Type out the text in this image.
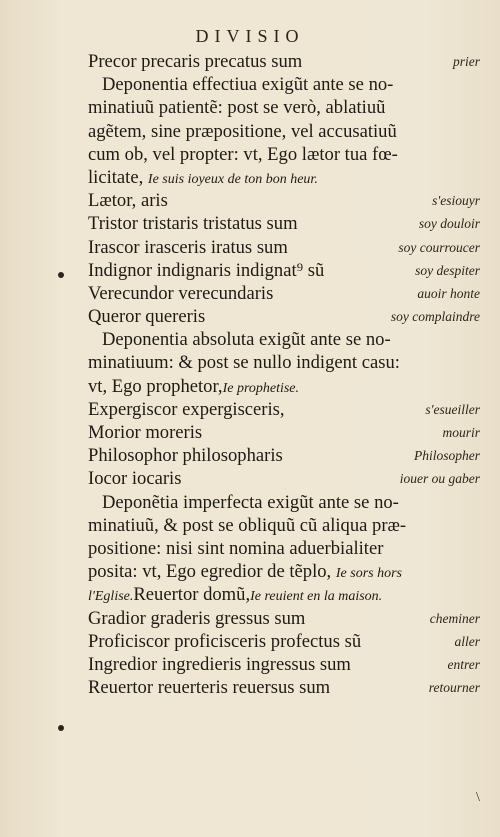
DIVISIO
Precor precaris precatus sum	prier
Deponentia effectiua exigũt ante se no-
minatiuũ patientẽ: post se verò, ablatiuũ
agẽtem, sine præpositione, vel accusatiuũ
cum ob, vel propter: vt, Ego lætor tua fœ-
licitate, Ie suis ioyeux de ton bon heur.
Lætor, aris	s'esiouyr
Tristor tristaris tristatus sum	soy douloir
Irascor irasceris iratus sum	soy courroucer
Indignor indignaris indignat⁹ sũ	soy despiter
Verecundor verecundaris	auoir honte
Queror quereris	soy complaindre
Deponentia absoluta exigũt ante se no-
minatiuum: & post se nullo indigent casu:
vt, Ego prophetor,Ie prophetise.
Expergiscor expergisceris,	s'esueiller
Morior moreris	mourir
Philosophor philosopharis	Philosopher
Iocor iocaris	iouer ou gaber
Deponẽtia imperfecta exigũt ante se no-
minatiuũ, & post se obliquũ cũ aliqua præ-
positione: nisi sint nomina aduerbialiter
posita: vt, Ego egredior de tẽplo, Ie sors hors
l'Eglise.Reuertor domũ,Ie reuient en la maison.
Gradior graderis gressus sum	cheminer
Proficiscor proficisceris profectus sũ	aller
Ingredior ingredieris ingressus sum	entrer
Reuertor reuerteris reuersus sum	retourner
\
